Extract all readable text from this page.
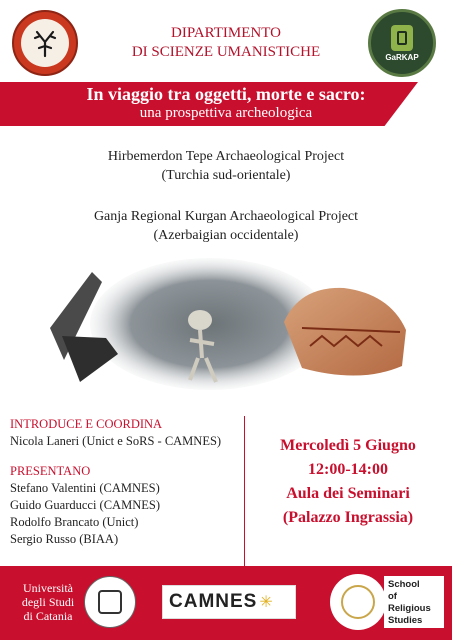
DIPARTIMENTO
DI SCIENZE UMANISTICHE	GaRKAP
In viaggio tra oggetti, morte e sacro:
una prospettiva archeologica
Hirbemerdon Tepe Archaeological Project
(Turchia sud-orientale)
Ganja Regional Kurgan Archaeological Project
(Azerbaigian occidentale)
INTRODUCE E COORDINA
Nicola Laneri (Unict e SoRS - CAMNES)
PRESENTANO
Stefano Valentini (CAMNES)
Guido Guarducci (CAMNES)
Rodolfo Brancato (Unict)
Sergio Russo (BIAA)
Mercoledì 5 Giugno
12:00-14:00
Aula dei Seminari
(Palazzo Ingrassia)
Università
degli Studi
di Catania
CAMNES ✳
School
of
Religious
Studies
